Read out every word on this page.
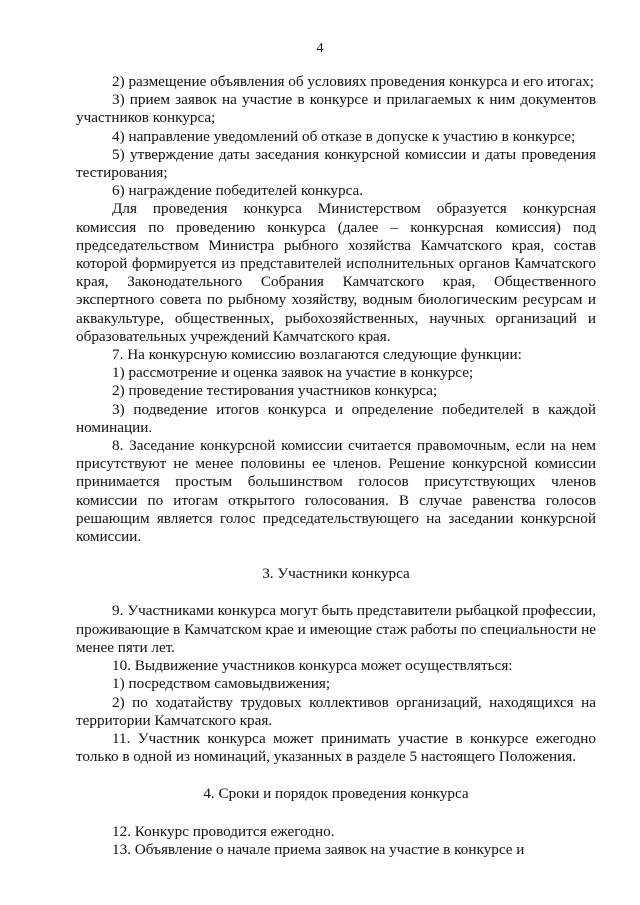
4

2) размещение объявления об условиях проведения конкурса и его итогах;

3) прием заявок на участие в конкурсе и прилагаемых к ним документов участников конкурса;

4) направление уведомлений об отказе в допуске к участию в конкурсе;

5) утверждение даты заседания конкурсной комиссии и даты проведения тестирования;

6) награждение победителей конкурса.

Для проведения конкурса Министерством образуется конкурсная комиссия по проведению конкурса (далее – конкурсная комиссия) под председательством Министра рыбного хозяйства Камчатского края, состав которой формируется из представителей исполнительных органов Камчатского края, Законодательного Собрания Камчатского края, Общественного экспертного совета по рыбному хозяйству, водным биологическим ресурсам и аквакультуре, общественных, рыбохозяйственных, научных организаций и образовательных учреждений Камчатского края.

7. На конкурсную комиссию возлагаются следующие функции:

1) рассмотрение и оценка заявок на участие в конкурсе;

2) проведение тестирования участников конкурса;

3) подведение итогов конкурса и определение победителей в каждой номинации.

8. Заседание конкурсной комиссии считается правомочным, если на нем присутствуют не менее половины ее членов. Решение конкурсной комиссии принимается простым большинством голосов присутствующих членов комиссии по итогам открытого голосования. В случае равенства голосов решающим является голос председательствующего на заседании конкурсной комиссии.

3. Участники конкурса

9. Участниками конкурса могут быть представители рыбацкой профессии, проживающие в Камчатском крае и имеющие стаж работы по специальности не менее пяти лет.

10. Выдвижение участников конкурса может осуществляться:

1) посредством самовыдвижения;

2) по ходатайству трудовых коллективов организаций, находящихся на территории Камчатского края.

11. Участник конкурса может принимать участие в конкурсе ежегодно только в одной из номинаций, указанных в разделе 5 настоящего Положения.

4. Сроки и порядок проведения конкурса

12. Конкурс проводится ежегодно.

13. Объявление о начале приема заявок на участие в конкурсе и
